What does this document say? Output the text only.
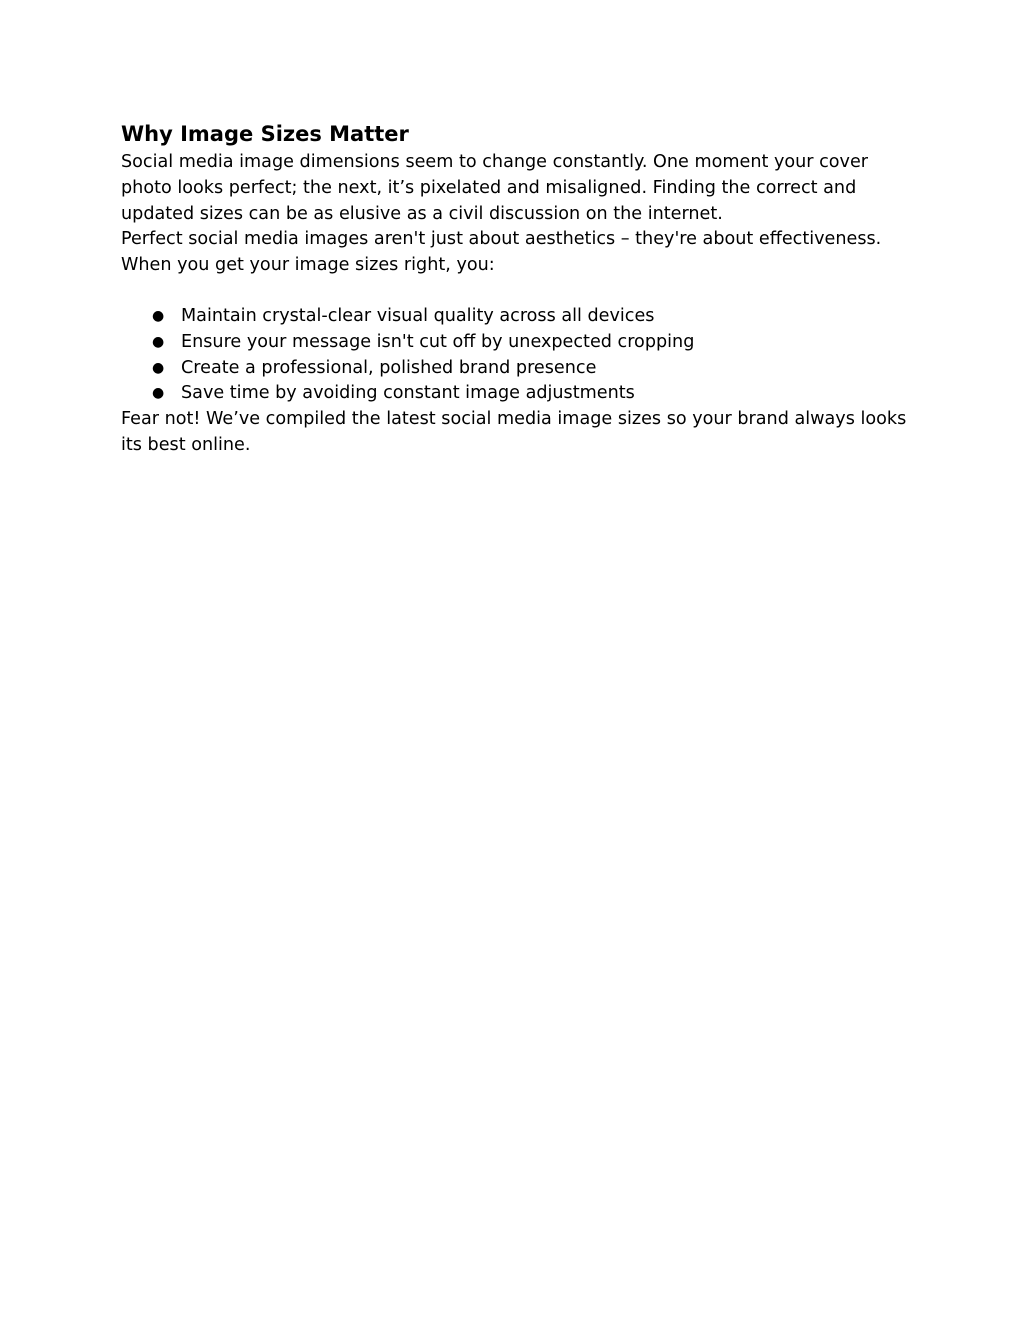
Why Image Sizes Matter

Social media image dimensions seem to change constantly. One moment your cover photo looks perfect; the next, it’s pixelated and misaligned. Finding the correct and updated sizes can be as elusive as a civil discussion on the internet.

Perfect social media images aren't just about aesthetics – they're about effectiveness. When you get your image sizes right, you:

● Maintain crystal-clear visual quality across all devices
● Ensure your message isn't cut off by unexpected cropping
● Create a professional, polished brand presence
● Save time by avoiding constant image adjustments

Fear not! We’ve compiled the latest social media image sizes so your brand always looks its best online.
